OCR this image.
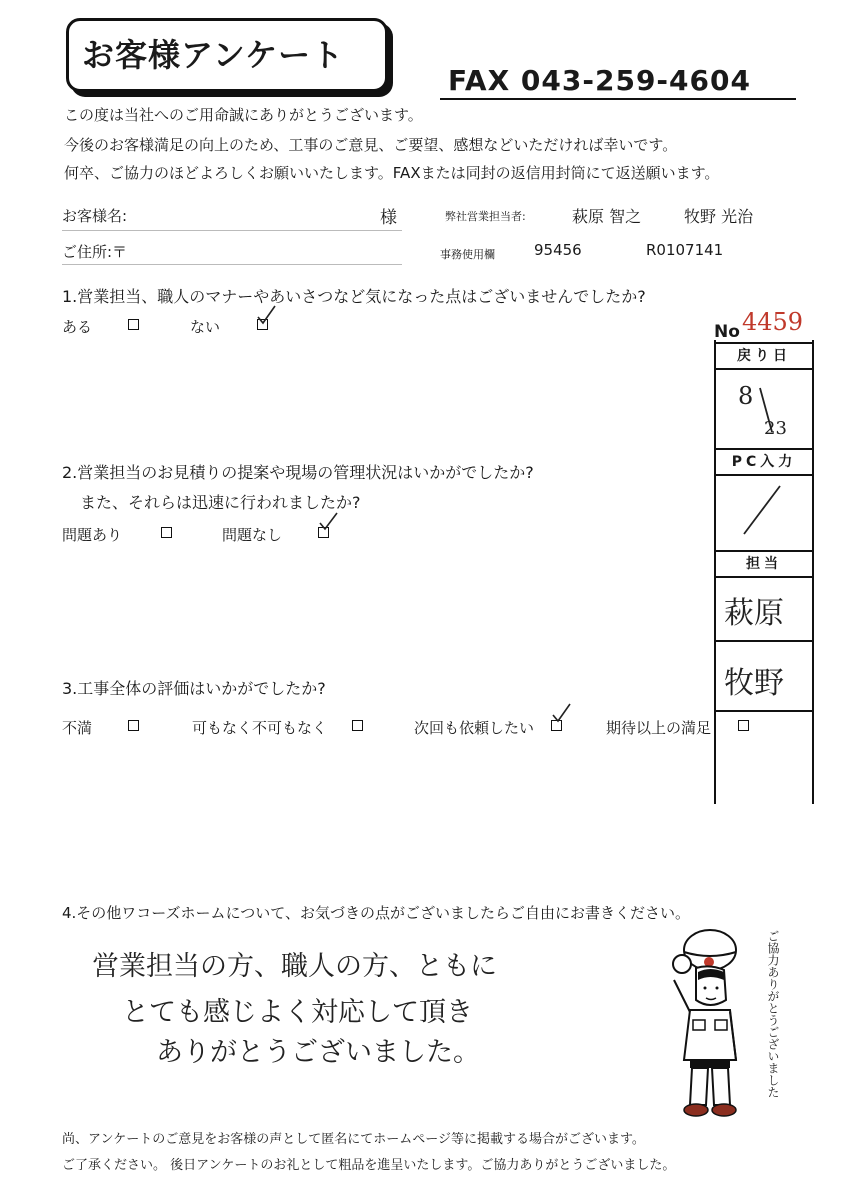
お客様アンケート
FAX 043-259-4604
この度は当社へのご用命誠にありがとうございます。
今後のお客様満足の向上のため、工事のご意見、ご要望、感想などいただければ幸いです。
何卒、ご協力のほどよろしくお願いいたします。FAXまたは同封の返信用封筒にて返送願います。
お客様名:	様	弊社営業担当者:	萩原 智之	牧野 光治
ご住所:〒	事務使用欄	95456	R0107141
1.営業担当、職人のマナーやあいさつなど気になった点はございませんでしたか?
ある	ない
2.営業担当のお見積りの提案や現場の管理状況はいかがでしたか?
また、それらは迅速に行われましたか?
問題あり	問題なし
3.工事全体の評価はいかがでしたか?
不満	可もなく不可もなく	次回も依頼したい	期待以上の満足
4.その他ワコーズホームについて、お気づきの点がございましたらご自由にお書きください。
営業担当の方、職人の方、ともに
とても感じよく対応して頂き
ありがとうございました。
No 4459
戻り日
8
23
PC入力
担当
萩原
牧野
ご協力ありがとうございました
尚、アンケートのご意見をお客様の声として匿名にてホームページ等に掲載する場合がございます。
ご了承ください。 後日アンケートのお礼として粗品を進呈いたします。ご協力ありがとうございました。
